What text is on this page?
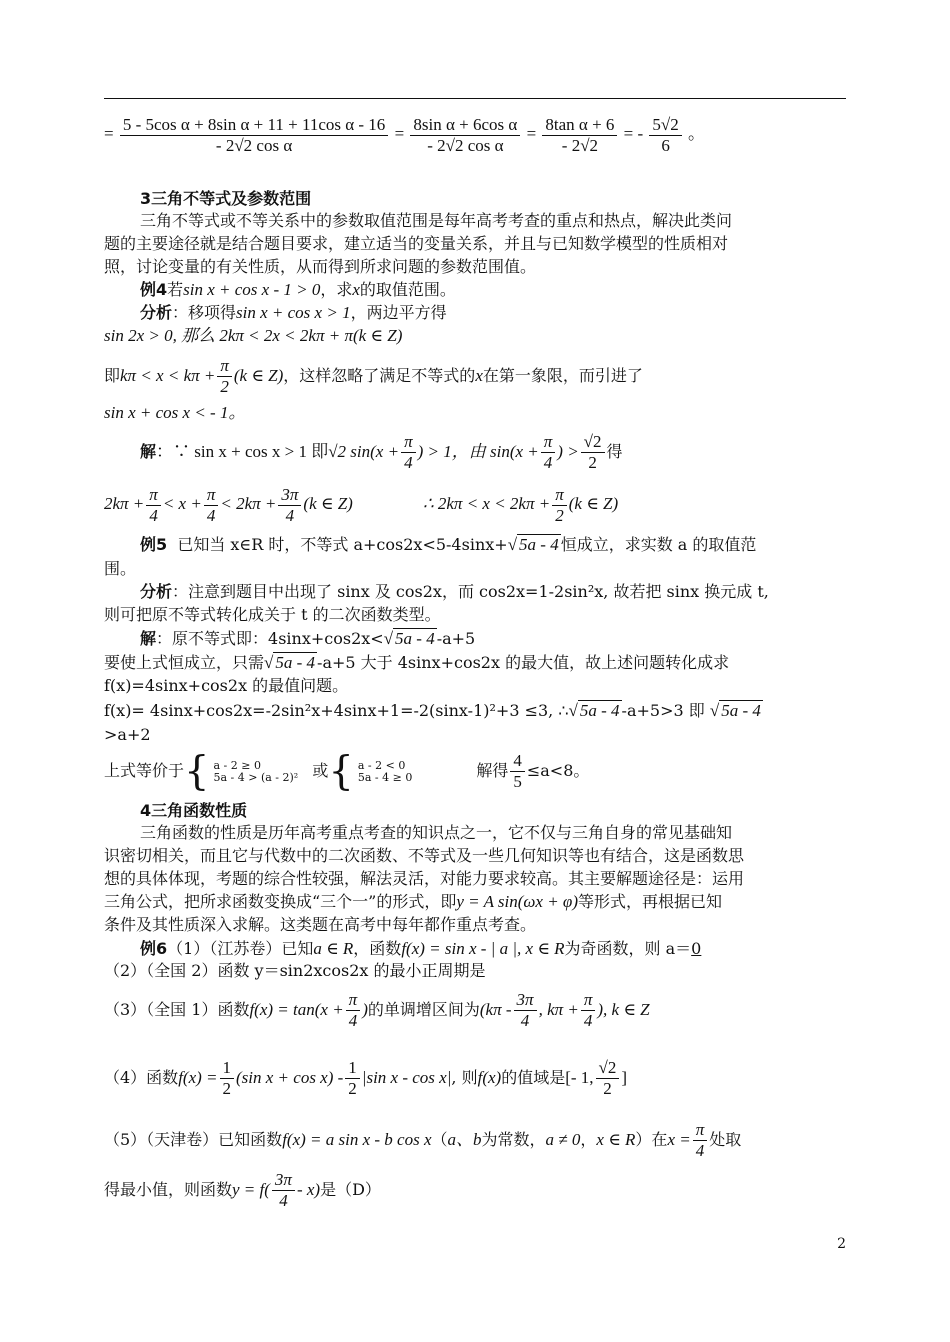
= $\frac{\text{5 - 5cos α + 8sin α + 11 + 11cos α - 16}}{\text{- 2√2 cos α}} = \frac{\text{8sin α + 6cos α}}{\text{- 2√2 cos α}} = \frac{\text{8tan α + 6}}{- 2√2}$ = - $\frac{5√2}{6}$ 。
3三角不等式及参数范围
三角不等式或不等关系中的参数取值范围是每年高考考查的重点和热点，解决此类问
题的主要途径就是结合题目要求，建立适当的变量关系，并且与已知数学模型的性质相对
照，讨论变量的有关性质，从而得到所求问题的参数范围值。
例4若sin x + cos x - 1 > 0，求x的取值范围。
分析：移项得sin x + cos x > 1，两边平方得
sin 2x > 0, 那么 2kπ < 2x < 2kπ + π(k ∈ Z)
即$k\pi < x < k\pi + \frac{\pi}{2} (k$ ∈ Z)，这样忽略了满足不等式的x在第一象限，而引进了
sin x + cos x < - 1。
解：∵ sin x + cos x > 1 即√2 $\sin(x + \frac{\pi}{4}$ ) > 1，由 $\sin(x + \frac{\pi}{4}$ ) > $\frac{√2}{2}$ 得
$2k\pi + \frac{\pi}{4} < x + \frac{\pi}{4} < 2k\pi + \frac{3\pi}{4} (k$ ∈ Z)	∴ $2k\pi < x < 2k\pi + \frac{\pi}{2} (k$ ∈ Z)
例5 已知当 x∈R 时，不等式 a+cos2x<5-4sinx+√ 5a - 4 恒成立，求实数 a 的取值范
围。
分析：注意到题目中出现了 sinx 及 cos2x，而 cos2x=1-2sin²x, 故若把 sinx 换元成 t,
则可把原不等式转化成关于 t 的二次函数类型。
解：原不等式即：4sinx+cos2x<√ 5a - 4 -a+5
要使上式恒成立，只需√ 5a - 4 -a+5 大于 4sinx+cos2x 的最大值，故上述问题转化成求
f(x)=4sinx+cos2x 的最值问题。
f(x)= 4sinx+cos2x=-2sin²x+4sinx+1=-2(sinx-1)²+3 ≤3, ∴√ 5a - 4 -a+5>3 即 √ 5a - 4
>a+2
上式等价于{ a - 2 ≥ 0
5a - 4 > (a - 2)² 或{ a - 2 < 0
5a - 4 ≥ 0	解得 $\frac{4}{5} \le a<8$。
4三角函数性质
三角函数的性质是历年高考重点考查的知识点之一，它不仅与三角自身的常见基础知
识密切相关，而且它与代数中的二次函数、不等式及一些几何知识等也有结合，这是函数思
想的具体体现，考题的综合性较强，解法灵活，对能力要求较高。其主要解题途径是：运用
三角公式，把所求函数变换成“三个一”的形式，即y = A sin(ωx + φ)等形式，再根据已知
条件及其性质深入求解。这类题在高考中每年都作重点考查。
例6（1）（江苏卷）已知a ∈ R，函数f(x) = sin x - | a |, x ∈ R为奇函数，则 a＝0
（2）（全国 2）函数 y＝sin2xcos2x 的最小正周期是
（3）（全国 1）函数$f(x) = \tan(x + \frac{\pi}{4}$ )的单调增区间为($k\pi - \frac{3\pi}{4}$ , $k\pi + \frac{\pi}{4}$ ), k ∈ Z
（4）函数$f(x) = \frac{1}{2} (\sin$ $x + \cos x) - \frac{1}{2} |\sin$ x - cos x|, 则f(x)的值域是[- 1, $\frac{√2}{2}$ ]
（5）（天津卷）已知函数f(x) = a sin x - b cos x（a、b为常数，a ≠ 0，x ∈ R）在$x = \frac{\pi}{4}$ 处取
得最小值，则函数$y = f( \frac{3\pi}{4} - x)$是（D）
2
